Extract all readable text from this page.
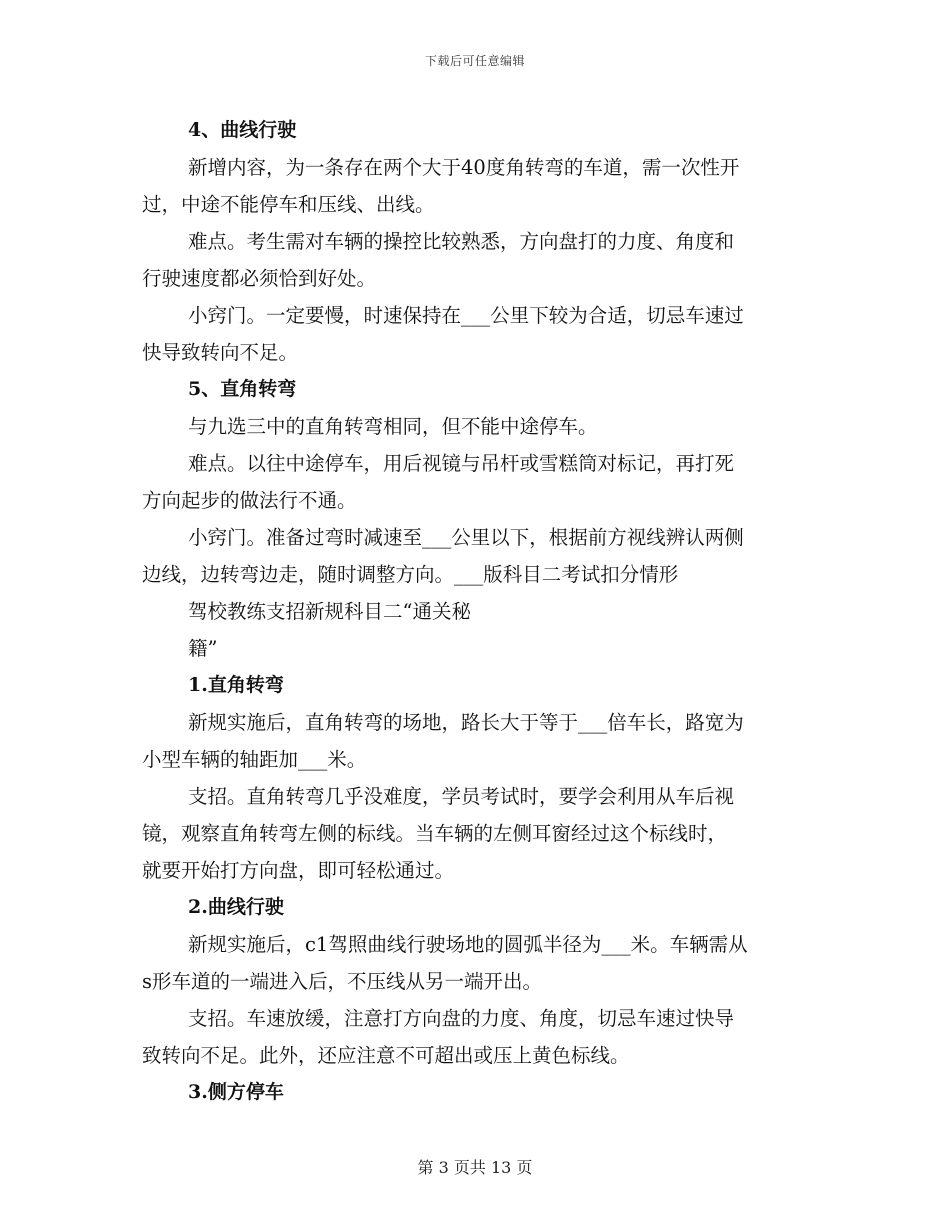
下载后可任意编辑
4、曲线行驶
新增内容，为一条存在两个大于40度角转弯的车道，需一次性开
过，中途不能停车和压线、出线。
难点。考生需对车辆的操控比较熟悉，方向盘打的力度、角度和
行驶速度都必须恰到好处。
小窍门。一定要慢，时速保持在___公里下较为合适，切忌车速过
快导致转向不足。
5、直角转弯
与九选三中的直角转弯相同，但不能中途停车。
难点。以往中途停车，用后视镜与吊杆或雪糕筒对标记，再打死
方向起步的做法行不通。
小窍门。准备过弯时减速至___公里以下，根据前方视线辨认两侧
边线，边转弯边走，随时调整方向。___版科目二考试扣分情形
驾校教练支招新规科目二“通关秘
籍”
1.直角转弯
新规实施后，直角转弯的场地，路长大于等于___倍车长，路宽为
小型车辆的轴距加___米。
支招。直角转弯几乎没难度，学员考试时，要学会利用从车后视
镜，观察直角转弯左侧的标线。当车辆的左侧耳窗经过这个标线时，
就要开始打方向盘，即可轻松通过。
2.曲线行驶
新规实施后，c1驾照曲线行驶场地的圆弧半径为___米。车辆需从
s形车道的一端进入后，不压线从另一端开出。
支招。车速放缓，注意打方向盘的力度、角度，切忌车速过快导
致转向不足。此外，还应注意不可超出或压上黄色标线。
3.侧方停车
第 3 页共 13 页
